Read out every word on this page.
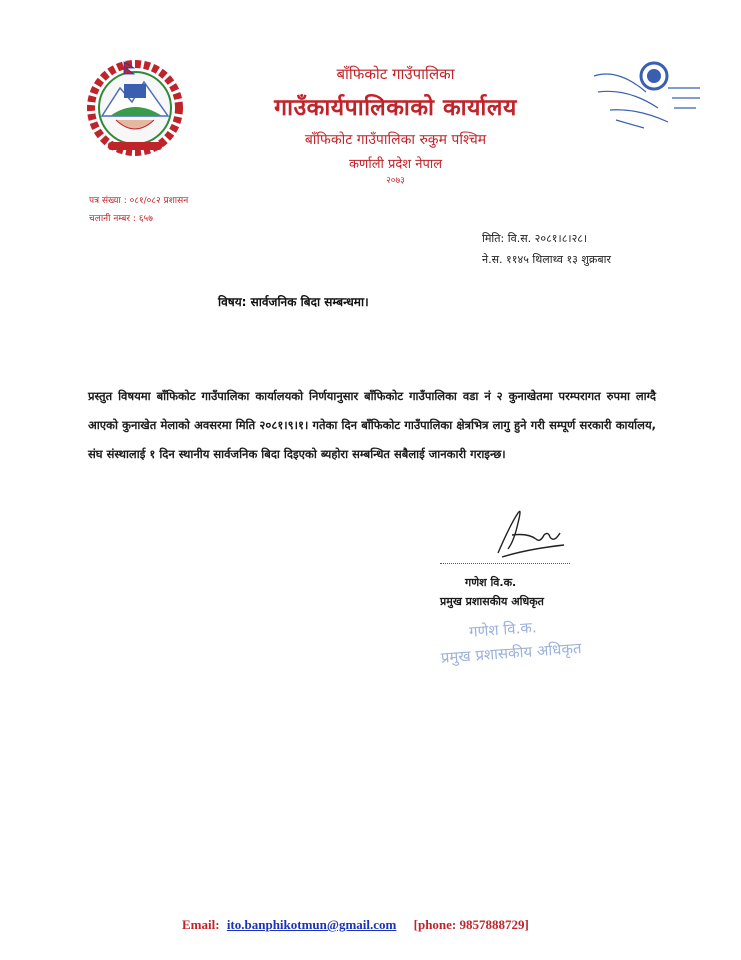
बाँफिकोट गाउँपालिका
गाउँकार्यपालिकाको कार्यालय
बाँफिकोट गाउँपालिका रुकुम पश्चिम
कर्णाली प्रदेश नेपाल
२०७३
पत्र संख्या : ०८१/०८२ प्रशासन
चलानी नम्बर : ६५७
मिति: वि.स. २०८१।८।२८।
ने.स. ११४५ थिलाथ्व १३ शुक्रबार
विषय: सार्वजनिक बिदा सम्बन्धमा।
प्रस्तुत विषयमा बाँफिकोट गाउँपालिका कार्यालयको निर्णयानुसार बाँफिकोट गाउँपालिका वडा नं २ कुनाखेतमा परम्परागत रुपमा लाग्दै आएको कुनाखेत मेलाको अवसरमा मिति २०८१।९।१। गतेका दिन बाँफिकोट गाउँपालिका क्षेत्रभित्र लागु हुने गरी सम्पूर्ण सरकारी कार्यालय, संघ संस्थालाई १ दिन स्थानीय सार्वजनिक बिदा दिइएको ब्यहोरा सम्बन्धित सबैलाई जानकारी गराइन्छ।
गणेश वि.क.
प्रमुख प्रशासकीय अधिकृत
गणेश वि.क.
प्रमुख प्रशासकीय अधिकृत
Email: ito.banphikotmun@gmail.com [phone: 9857888729]
